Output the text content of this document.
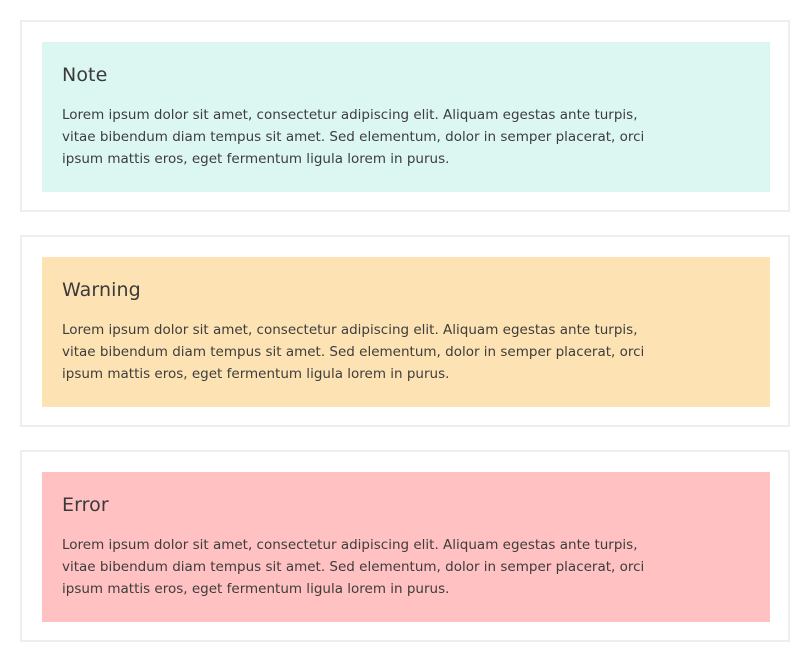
Note

Lorem ipsum dolor sit amet, consectetur adipiscing elit. Aliquam egestas ante turpis, vitae bibendum diam tempus sit amet. Sed elementum, dolor in semper placerat, orci ipsum mattis eros, eget fermentum ligula lorem in purus.

Warning

Lorem ipsum dolor sit amet, consectetur adipiscing elit. Aliquam egestas ante turpis, vitae bibendum diam tempus sit amet. Sed elementum, dolor in semper placerat, orci ipsum mattis eros, eget fermentum ligula lorem in purus.

Error

Lorem ipsum dolor sit amet, consectetur adipiscing elit. Aliquam egestas ante turpis, vitae bibendum diam tempus sit amet. Sed elementum, dolor in semper placerat, orci ipsum mattis eros, eget fermentum ligula lorem in purus.
